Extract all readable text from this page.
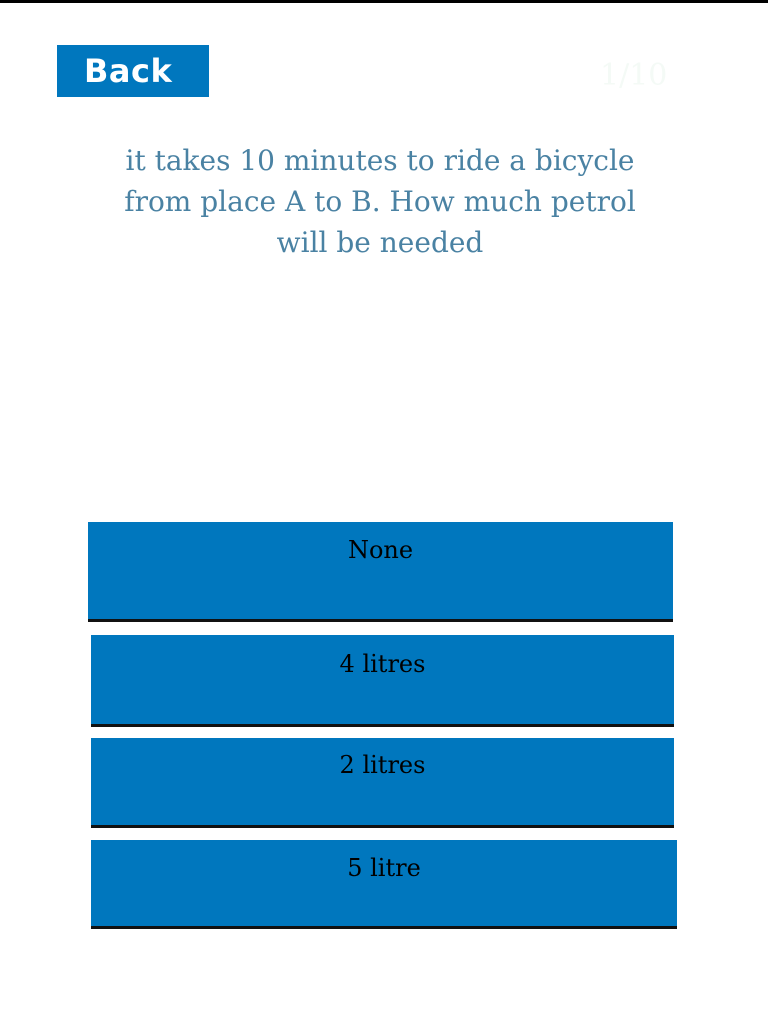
Back	1/10
it takes 10 minutes to ride a bicycle from place A to B. How much petrol will be needed
None
4 litres
2 litres
5 litre
